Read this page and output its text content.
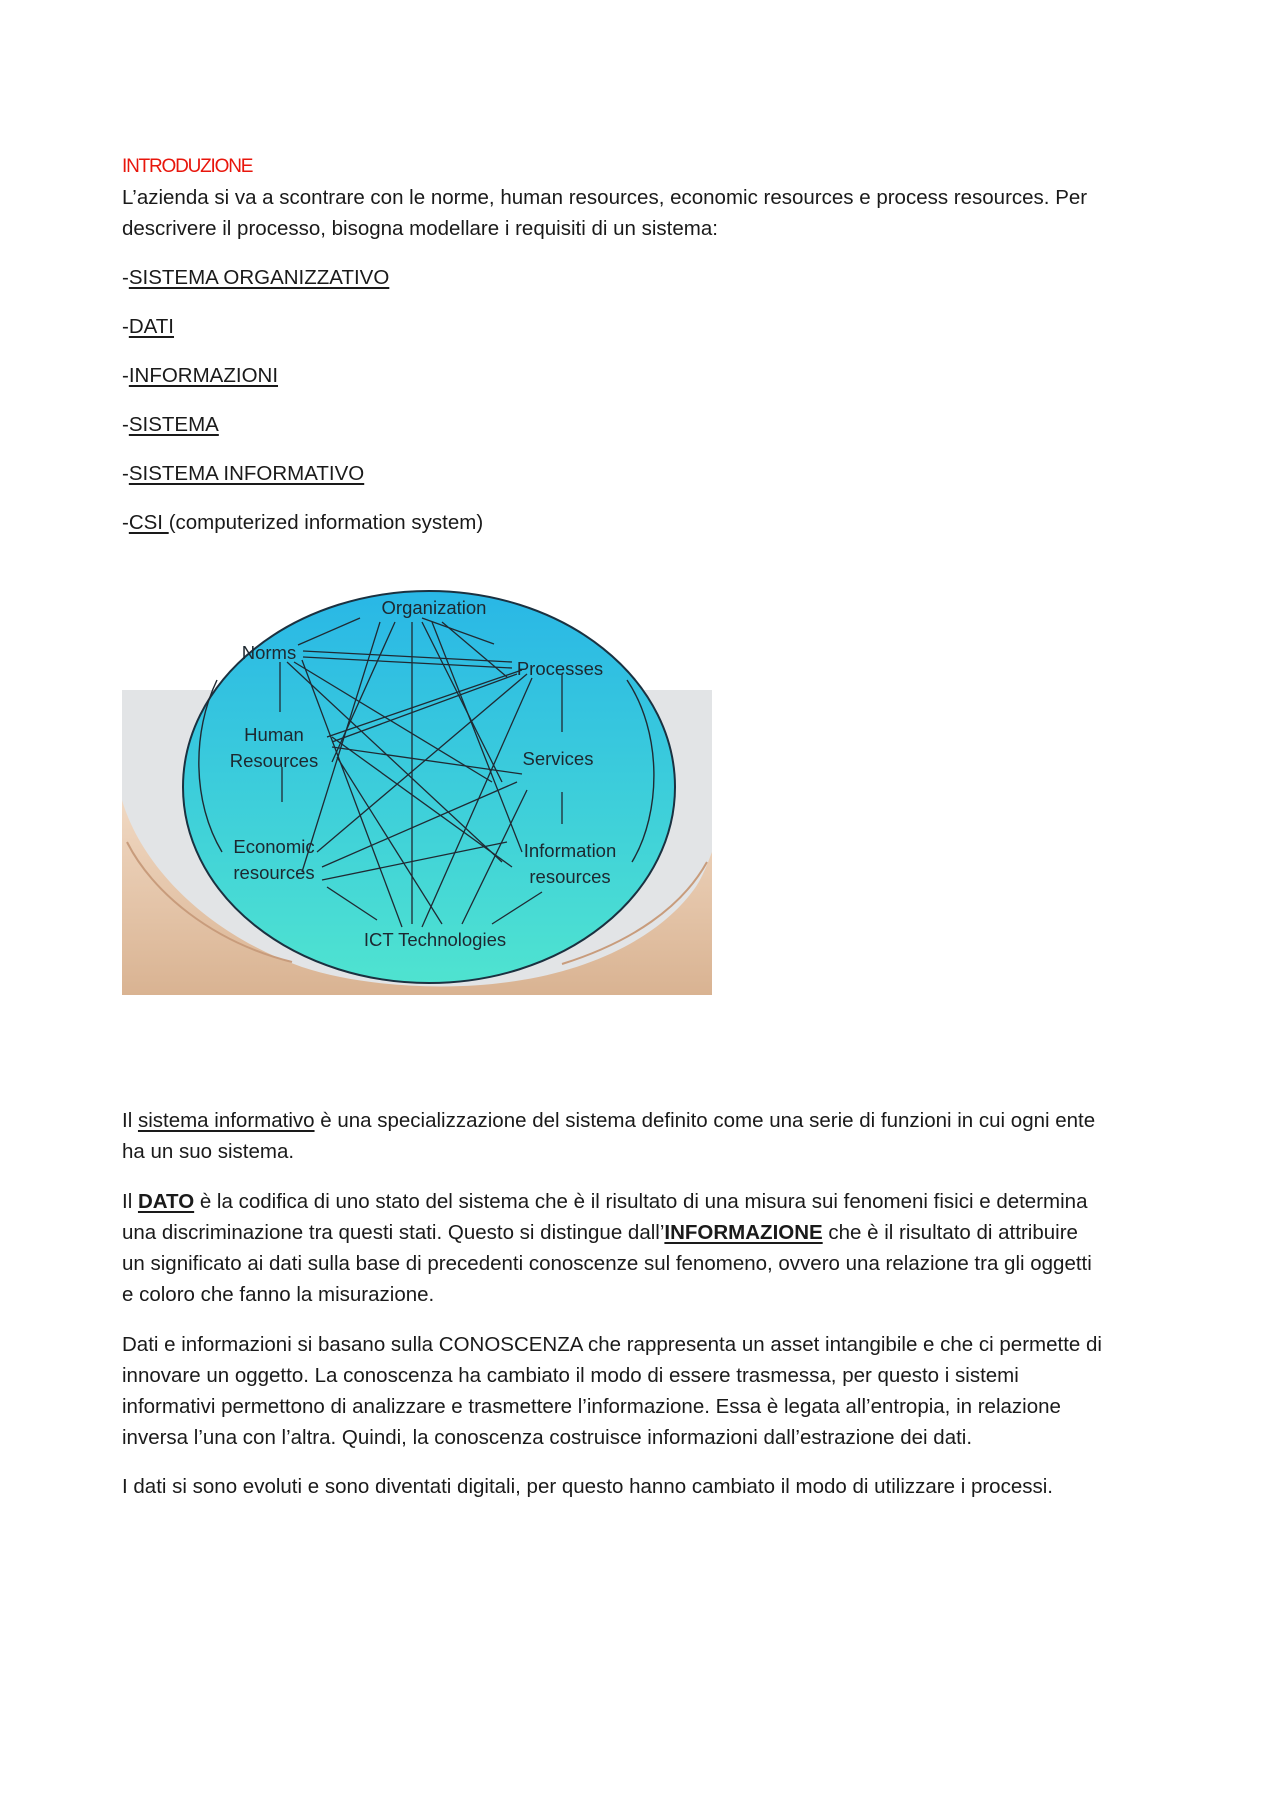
INTRODUZIONE

L’azienda si va a scontrare con le norme, human resources, economic resources e process resources. Per
descrivere il processo, bisogna modellare i requisiti di un sistema:

-SISTEMA ORGANIZZATIVO
-DATI
-INFORMAZIONI
-SISTEMA
-SISTEMA INFORMATIVO
-CSI (computerized information system)
Organization
Norms
Processes
Human
Resources	Services
Economic
resources
Information
resources
ICT Technologies

Il sistema informativo è una specializzazione del sistema definito come una serie di funzioni in cui ogni ente
ha un suo sistema.

Il DATO è la codifica di uno stato del sistema che è il risultato di una misura sui fenomeni fisici e determina
una discriminazione tra questi stati. Questo si distingue dall’INFORMAZIONE che è il risultato di attribuire
un significato ai dati sulla base di precedenti conoscenze sul fenomeno, ovvero una relazione tra gli oggetti
e coloro che fanno la misurazione.

Dati e informazioni si basano sulla CONOSCENZA che rappresenta un asset intangibile e che ci permette di
innovare un oggetto. La conoscenza ha cambiato il modo di essere trasmessa, per questo i sistemi
informativi permettono di analizzare e trasmettere l’informazione. Essa è legata all’entropia, in relazione
inversa l’una con l’altra. Quindi, la conoscenza costruisce informazioni dall’estrazione dei dati.

I dati si sono evoluti e sono diventati digitali, per questo hanno cambiato il modo di utilizzare i processi.
